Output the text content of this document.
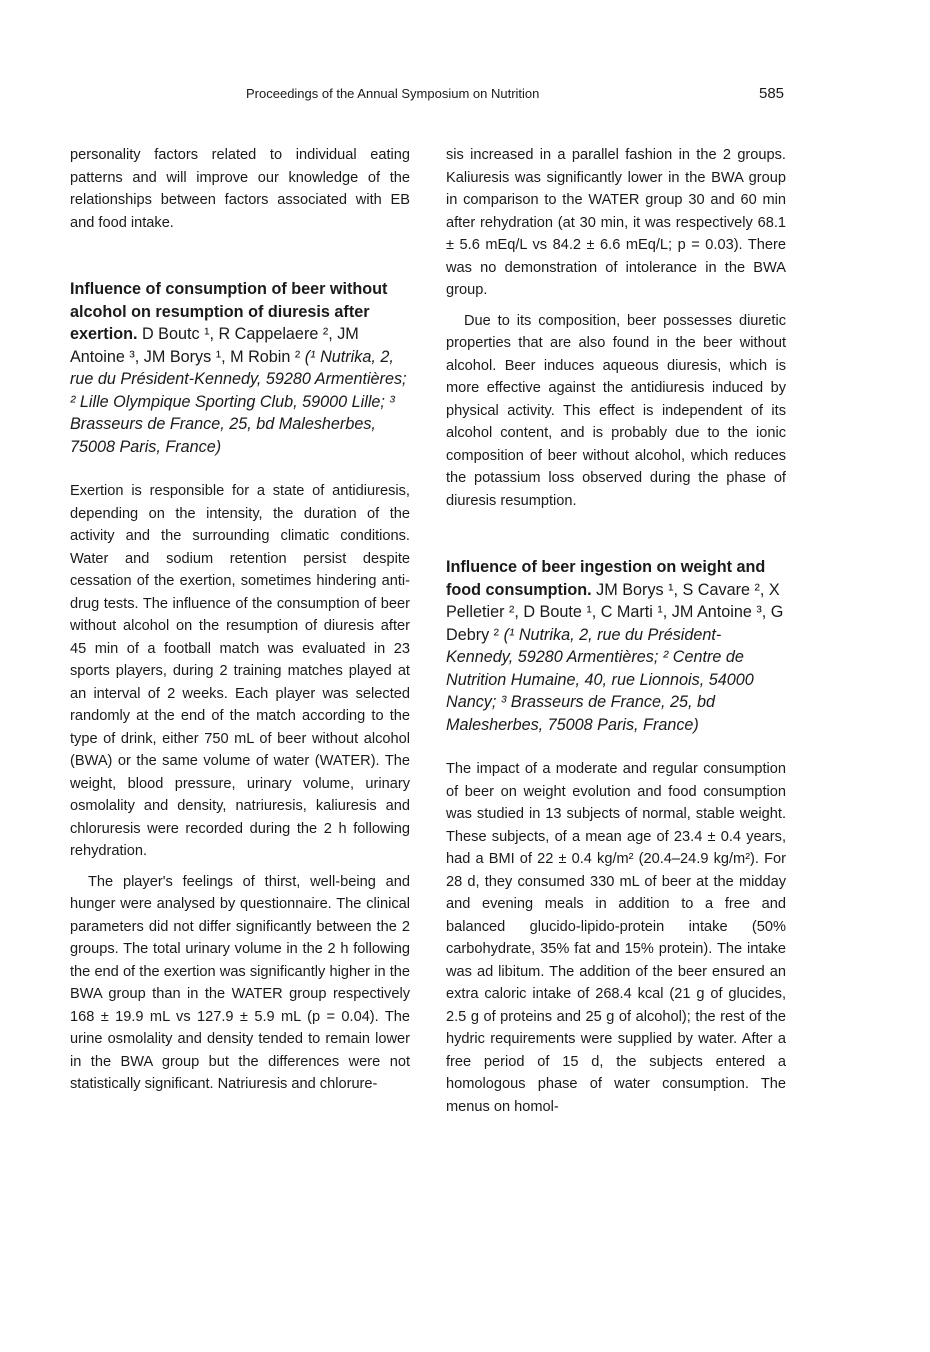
Proceedings of the Annual Symposium on Nutrition	585

personality factors related to individual eating patterns and will improve our knowledge of the relationships between factors associated with EB and food intake.

Influence of consumption of beer without alcohol on resumption of diuresis after exertion. D Boutc ¹, R Cappelaere ², JM Antoine ³, JM Borys ¹, M Robin ² (¹ Nutrika, 2, rue du Président-Kennedy, 59280 Armentières; ² Lille Olympique Sporting Club, 59000 Lille; ³ Brasseurs de France, 25, bd Malesherbes, 75008 Paris, France)

Exertion is responsible for a state of antidiuresis, depending on the intensity, the duration of the activity and the surrounding climatic conditions. Water and sodium retention persist despite cessation of the exertion, sometimes hindering anti-drug tests. The influence of the consumption of beer without alcohol on the resumption of diuresis after 45 min of a football match was evaluated in 23 sports players, during 2 training matches played at an interval of 2 weeks. Each player was selected randomly at the end of the match according to the type of drink, either 750 mL of beer without alcohol (BWA) or the same volume of water (WATER). The weight, blood pressure, urinary volume, urinary osmolality and density, natriuresis, kaliuresis and chloruresis were recorded during the 2 h following rehydration.

The player's feelings of thirst, well-being and hunger were analysed by questionnaire. The clinical parameters did not differ significantly between the 2 groups. The total urinary volume in the 2 h following the end of the exertion was significantly higher in the BWA group than in the WATER group respectively 168 ± 19.9 mL vs 127.9 ± 5.9 mL (p = 0.04). The urine osmolality and density tended to remain lower in the BWA group but the differences were not statistically significant. Natriuresis and chlorure-

sis increased in a parallel fashion in the 2 groups. Kaliuresis was significantly lower in the BWA group in comparison to the WATER group 30 and 60 min after rehydration (at 30 min, it was respectively 68.1 ± 5.6 mEq/L vs 84.2 ± 6.6 mEq/L; p = 0.03). There was no demonstration of intolerance in the BWA group.

Due to its composition, beer possesses diuretic properties that are also found in the beer without alcohol. Beer induces aqueous diuresis, which is more effective against the antidiuresis induced by physical activity. This effect is independent of its alcohol content, and is probably due to the ionic composition of beer without alcohol, which reduces the potassium loss observed during the phase of diuresis resumption.

Influence of beer ingestion on weight and food consumption. JM Borys ¹, S Cavare ², X Pelletier ², D Boute ¹, C Marti ¹, JM Antoine ³, G Debry ² (¹ Nutrika, 2, rue du Président-Kennedy, 59280 Armentières; ² Centre de Nutrition Humaine, 40, rue Lionnois, 54000 Nancy; ³ Brasseurs de France, 25, bd Malesherbes, 75008 Paris, France)

The impact of a moderate and regular consumption of beer on weight evolution and food consumption was studied in 13 subjects of normal, stable weight. These subjects, of a mean age of 23.4 ± 0.4 years, had a BMI of 22 ± 0.4 kg/m² (20.4–24.9 kg/m²). For 28 d, they consumed 330 mL of beer at the midday and evening meals in addition to a free and balanced glucido-lipido-protein intake (50% carbohydrate, 35% fat and 15% protein). The intake was ad libitum. The addition of the beer ensured an extra caloric intake of 268.4 kcal (21 g of glucides, 2.5 g of proteins and 25 g of alcohol); the rest of the hydric requirements were supplied by water. After a free period of 15 d, the subjects entered a homologous phase of water consumption. The menus on homol-
